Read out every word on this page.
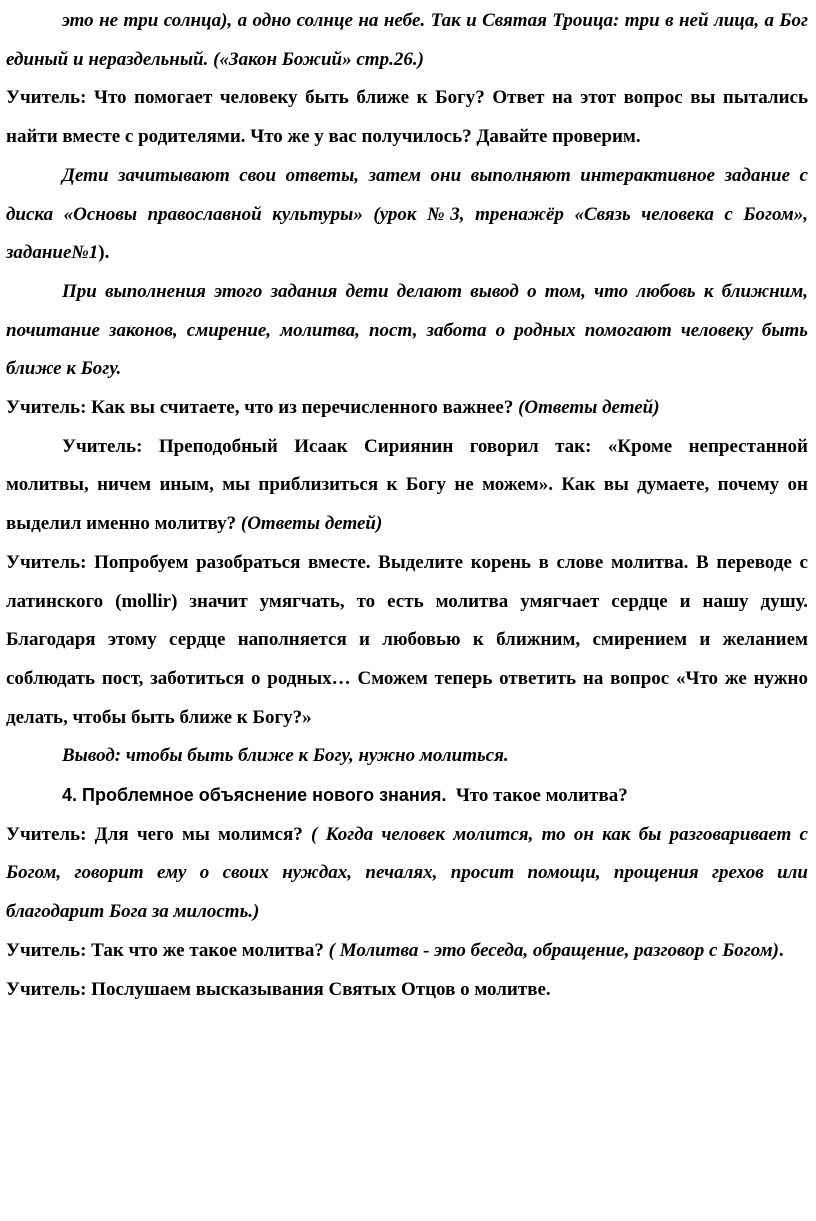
это не три солнца), а одно солнце на небе. Так и Святая Троица: три в ней лица, а Бог единый и нераздельный. («Закон Божий» стр.26.)

Учитель: Что помогает человеку быть ближе к Богу? Ответ на этот вопрос вы пытались найти вместе с родителями. Что же у вас получилось? Давайте проверим.

Дети зачитывают свои ответы, затем они выполняют интерактивное задание с диска «Основы православной культуры» (урок №3, тренажёр «Связь человека с Богом», задание№1).

При выполнения этого задания дети делают вывод о том, что любовь к ближним, почитание законов, смирение, молитва, пост, забота о родных помогают человеку быть ближе к Богу.

Учитель: Как вы считаете, что из перечисленного важнее? (Ответы детей)

Учитель: Преподобный Исаак Сириянин говорил так: «Кроме непрестанной молитвы, ничем иным, мы приблизиться к Богу не можем». Как вы думаете, почему он выделил именно молитву? (Ответы детей)

Учитель: Попробуем разобраться вместе. Выделите корень в слове молитва. В переводе с латинского (mollir) значит умягчать, то есть молитва умягчает сердце и нашу душу. Благодаря этому сердце наполняется и любовью к ближним, смирением и желанием соблюдать пост, заботиться о родных… Сможем теперь ответить на вопрос «Что же нужно делать, чтобы быть ближе к Богу?»

Вывод: чтобы быть ближе к Богу, нужно молиться.

4. Проблемное объяснение нового знания. Что такое молитва?

Учитель: Для чего мы молимся? ( Когда человек молится, то он как бы разговаривает с Богом, говорит ему о своих нуждах, печалях, просит помощи, прощения грехов или благодарит Бога за милость.)

Учитель: Так что же такое молитва? ( Молитва - это беседа, обращение, разговор с Богом).

Учитель: Послушаем высказывания Святых Отцов о молитве.
